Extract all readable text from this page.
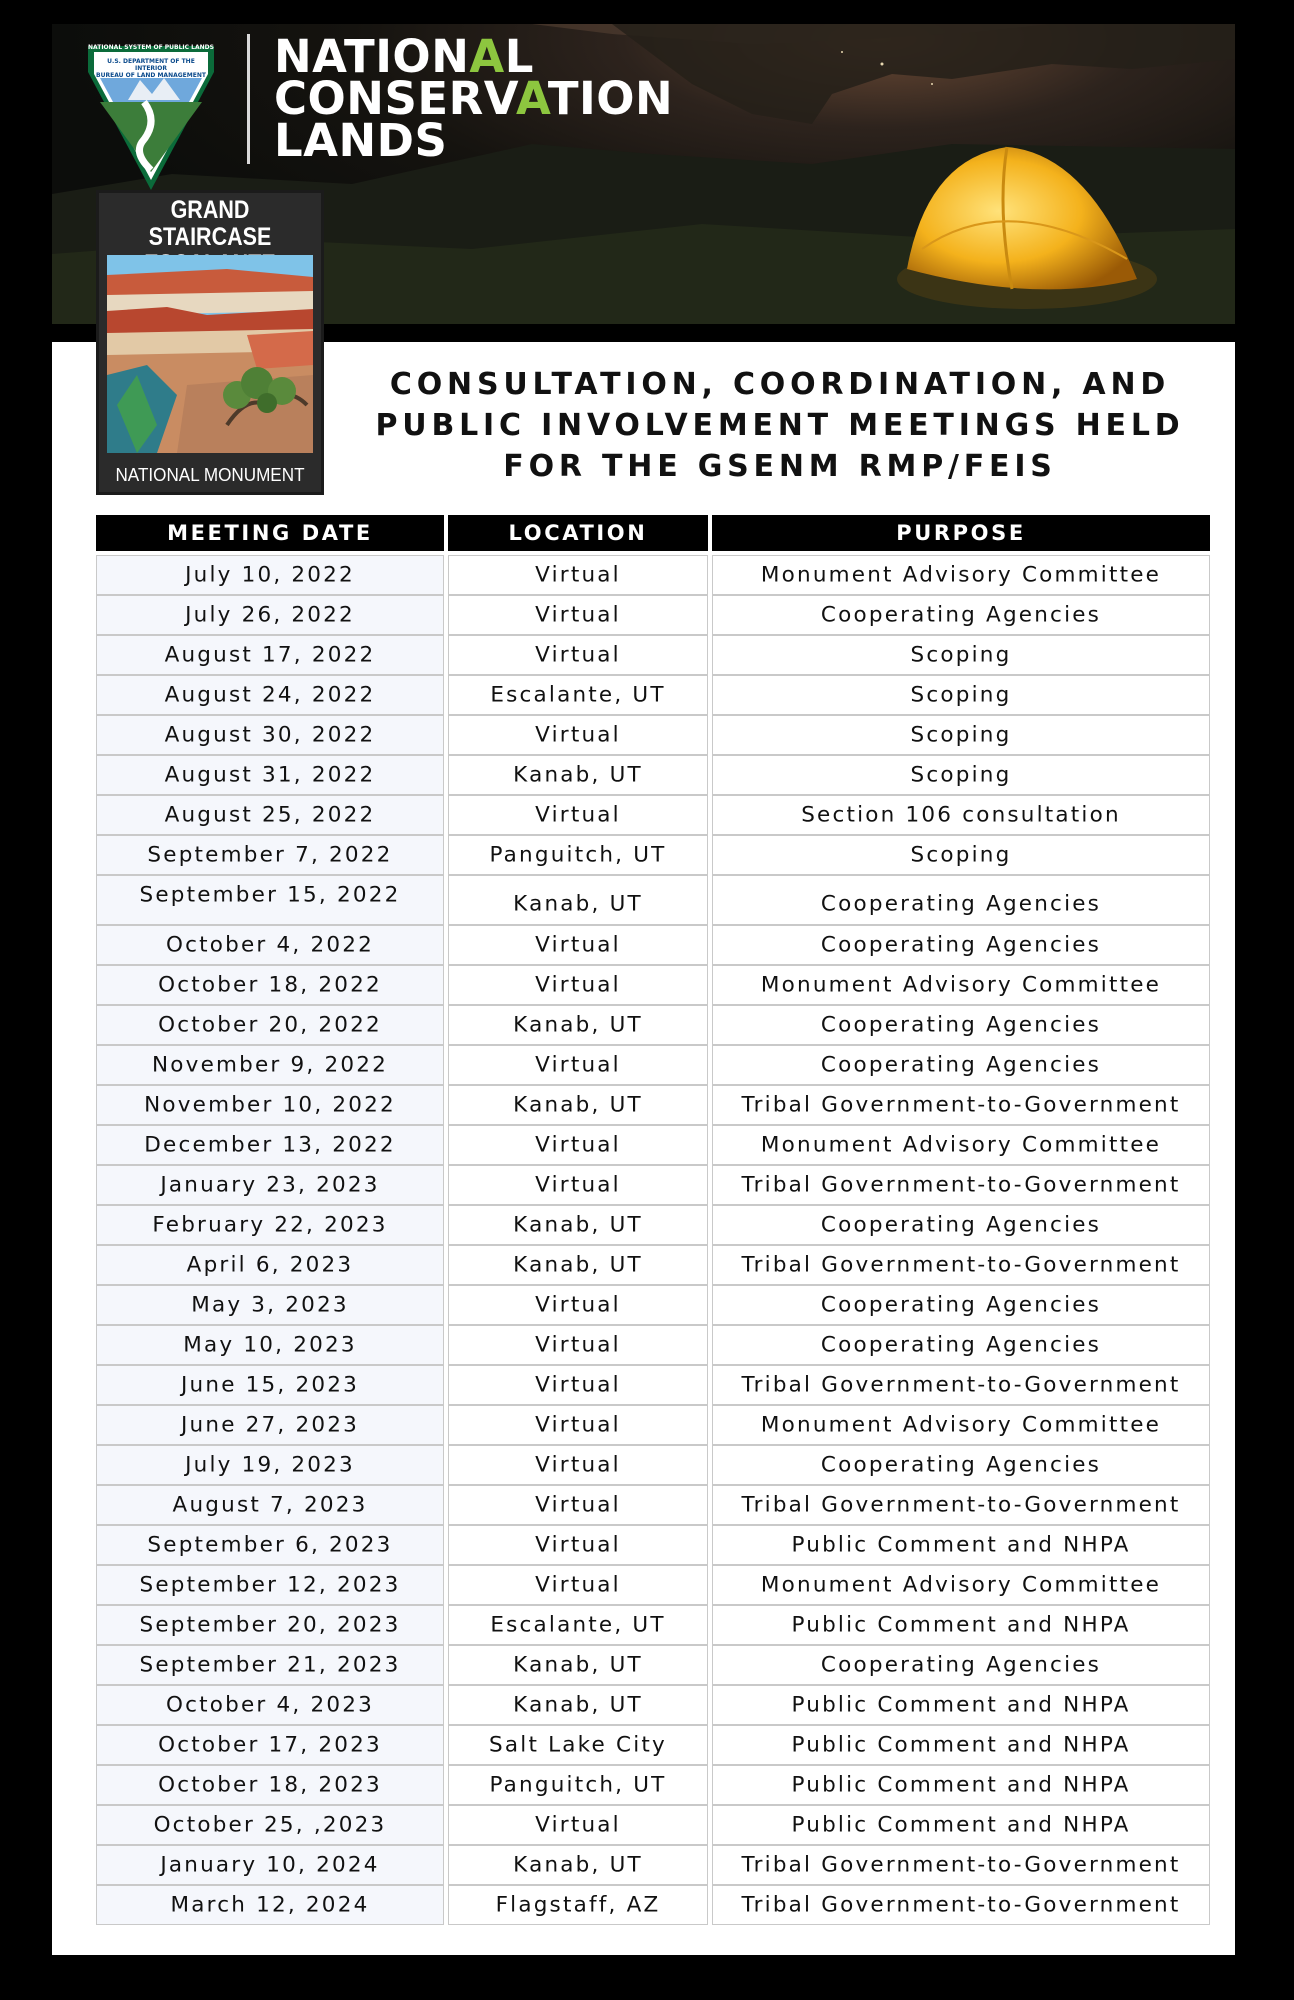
NATIONAL SYSTEM OF PUBLIC LANDS
U.S. DEPARTMENT OF THE INTERIOR
BUREAU OF LAND MANAGEMENT NATIONAL
CONSERVATION
LANDS
GRAND STAIRCASE
NATIONAL MONUMENT
CONSULTATION, COORDINATION, AND
PUBLIC INVOLVEMENT MEETINGS HELD
FOR THE GSENM RMP/FEIS
MEETING DATE	LOCATION	PURPOSE
July 10, 2022	Virtual	Monument Advisory Committee
July 26, 2022	Virtual	Cooperating Agencies
August 17, 2022	Virtual	Scoping
August 24, 2022	Escalante, UT	Scoping
August 30, 2022	Virtual	Scoping
August 31, 2022	Kanab, UT	Scoping
August 25, 2022	Virtual	Section 106 consultation
September 7, 2022	Panguitch, UT	Scoping
September 15, 2022	Kanab, UT	Cooperating Agencies
October 4, 2022	Virtual	Cooperating Agencies
October 18, 2022	Virtual	Monument Advisory Committee
October 20, 2022	Kanab, UT	Cooperating Agencies
November 9, 2022	Virtual	Cooperating Agencies
November 10, 2022	Kanab, UT	Tribal Government-to-Government
December 13, 2022	Virtual	Monument Advisory Committee
January 23, 2023	Virtual	Tribal Government-to-Government
February 22, 2023	Kanab, UT	Cooperating Agencies
April 6, 2023	Kanab, UT	Tribal Government-to-Government
May 3, 2023	Virtual	Cooperating Agencies
May 10, 2023	Virtual	Cooperating Agencies
June 15, 2023	Virtual	Tribal Government-to-Government
June 27, 2023	Virtual	Monument Advisory Committee
July 19, 2023	Virtual	Cooperating Agencies
August 7, 2023	Virtual	Tribal Government-to-Government
September 6, 2023	Virtual	Public Comment and NHPA
September 12, 2023	Virtual	Monument Advisory Committee
September 20, 2023	Escalante, UT	Public Comment and NHPA
September 21, 2023	Kanab, UT	Cooperating Agencies
October 4, 2023	Kanab, UT	Public Comment and NHPA
October 17, 2023	Salt Lake City	Public Comment and NHPA
October 18, 2023	Panguitch, UT	Public Comment and NHPA
October 25, ,2023	Virtual	Public Comment and NHPA
January 10, 2024	Kanab, UT	Tribal Government-to-Government
March 12, 2024	Flagstaff, AZ	Tribal Government-to-Government
